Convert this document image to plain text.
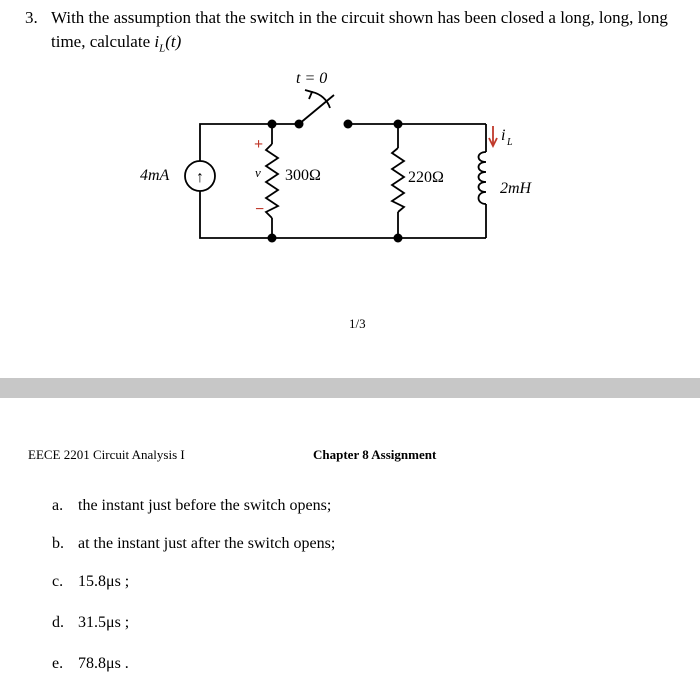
3. With the assumption that the switch in the circuit shown has been closed a long, long, long
time, calculate $i_L(t)$
t = 0
↑
4mA	300Ω
+
v
−
220Ω
2mH
i L
1/3
EECE 2201 Circuit Analysis I	Chapter 8 Assignment
a. the instant just before the switch opens;
b. at the instant just after the switch opens;
c. 15.8μs ;
d. 31.5μs ;
e. 78.8μs .
